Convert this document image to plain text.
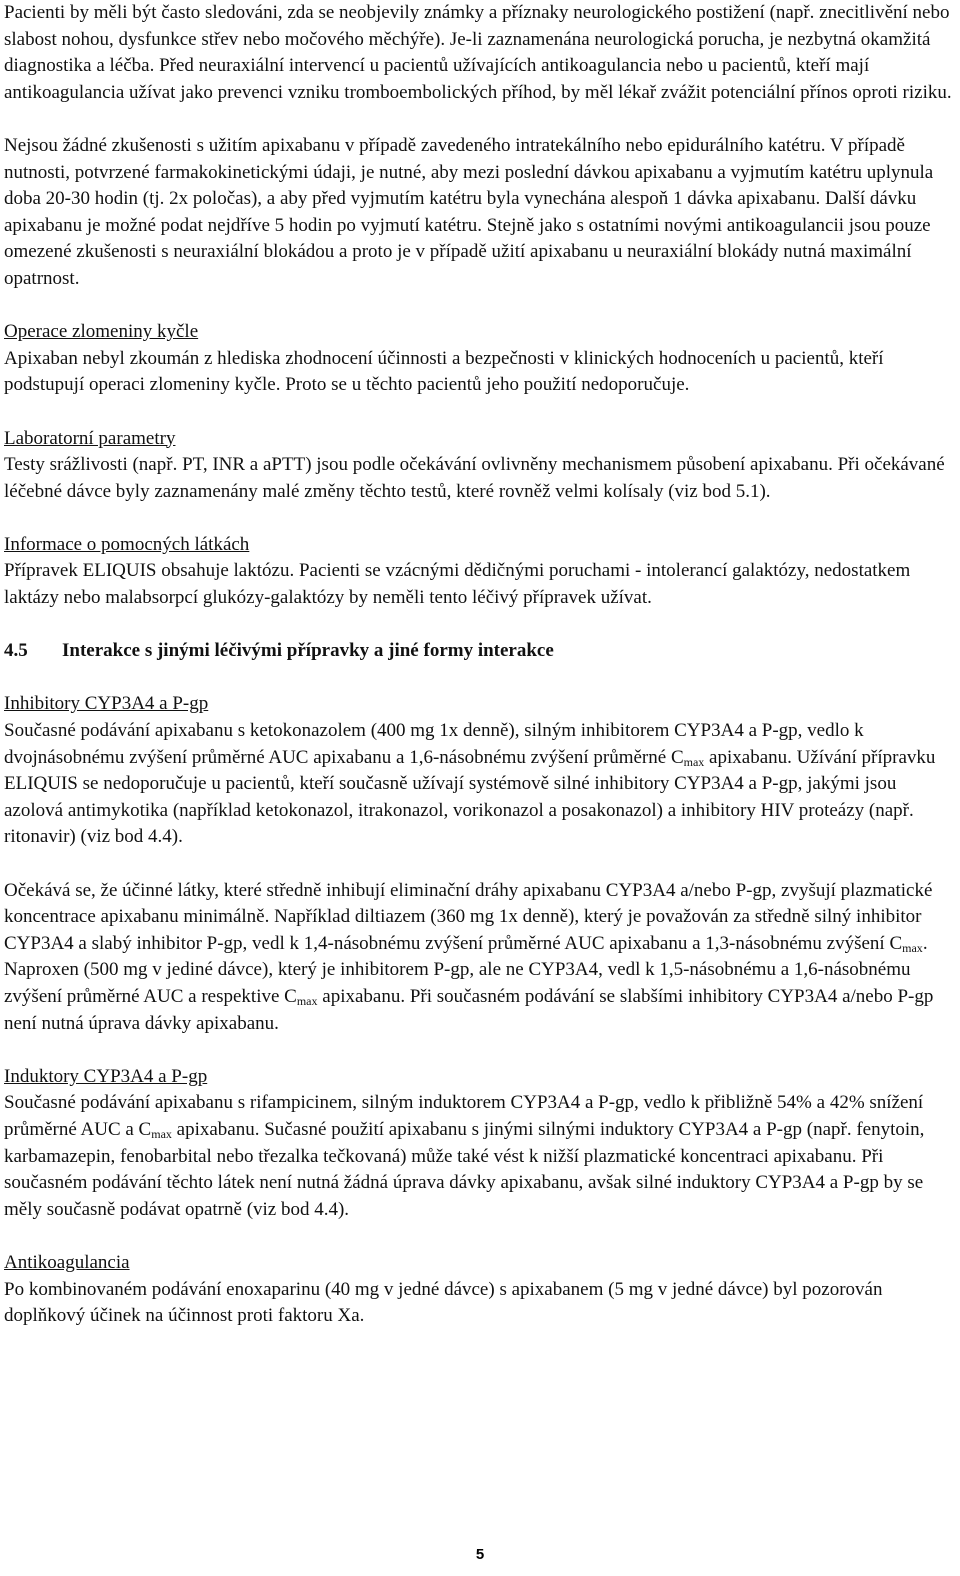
Pacienti by měli být často sledováni, zda se neobjevily známky a příznaky neurologického postižení (např. znecitlivění nebo slabost nohou, dysfunkce střev nebo močového měchýře). Je-li zaznamenána neurologická porucha, je nezbytná okamžitá diagnostika a léčba. Před neuraxiální intervencí u pacientů užívajících antikoagulancia nebo u pacientů, kteří mají antikoagulancia užívat jako prevenci vzniku tromboembolických příhod, by měl lékař zvážit potenciální přínos oproti riziku.

Nejsou žádné zkušenosti s užitím apixabanu v případě zavedeného intratekálního nebo epidurálního katétru. V případě nutnosti, potvrzené farmakokinetickými údaji, je nutné, aby mezi poslední dávkou apixabanu a vyjmutím katétru uplynula doba 20-30 hodin (tj. 2x poločas), a aby před vyjmutím katétru byla vynechána alespoň 1 dávka apixabanu. Další dávku apixabanu je možné podat nejdříve 5 hodin po vyjmutí katétru. Stejně jako s ostatními novými antikoagulancii jsou pouze omezené zkušenosti s neuraxiální blokádou a proto je v případě užití apixabanu u neuraxiální blokády nutná maximální opatrnost.

Operace zlomeniny kyčle

Apixaban nebyl zkoumán z hlediska zhodnocení účinnosti a bezpečnosti v klinických hodnoceních u pacientů, kteří podstupují operaci zlomeniny kyčle. Proto se u těchto pacientů jeho použití nedoporučuje.

Laboratorní parametry

Testy srážlivosti (např. PT, INR a aPTT) jsou podle očekávání ovlivněny mechanismem působení apixabanu. Při očekávané léčebné dávce byly zaznamenány malé změny těchto testů, které rovněž velmi kolísaly (viz bod 5.1).

Informace o pomocných látkách

Přípravek ELIQUIS obsahuje laktózu. Pacienti se vzácnými dědičnými poruchami - intolerancí galaktózy, nedostatkem laktázy nebo malabsorpcí glukózy-galaktózy by neměli tento léčivý přípravek užívat.

4.5 Interakce s jinými léčivými přípravky a jiné formy interakce

Inhibitory CYP3A4 a P-gp

Současné podávání apixabanu s ketokonazolem (400 mg 1x denně), silným inhibitorem CYP3A4 a P-gp, vedlo k dvojnásobnému zvýšení průměrné AUC apixabanu a 1,6-násobnému zvýšení průměrné $C_{max}$ apixabanu. Užívání přípravku ELIQUIS se nedoporučuje u pacientů, kteří současně užívají systémově silné inhibitory CYP3A4 a P-gp, jakými jsou azolová antimykotika (například ketokonazol, itrakonazol, vorikonazol a posakonazol) a inhibitory HIV proteázy (např. ritonavir) (viz bod 4.4).

Očekává se, že účinné látky, které středně inhibují eliminační dráhy apixabanu CYP3A4 a/nebo P-gp, zvyšují plazmatické koncentrace apixabanu minimálně. Například diltiazem (360 mg 1x denně), který je považován za středně silný inhibitor CYP3A4 a slabý inhibitor P-gp, vedl k 1,4-násobnému zvýšení průměrné AUC apixabanu a 1,3-násobnému zvýšení $C_{max}$. Naproxen (500 mg v jediné dávce), který je inhibitorem P-gp, ale ne CYP3A4, vedl k 1,5-násobnému a 1,6-násobnému zvýšení průměrné AUC a respektive $C_{max}$ apixabanu. Při současném podávání se slabšími inhibitory CYP3A4 a/nebo P-gp není nutná úprava dávky apixabanu.

Induktory CYP3A4 a P-gp

Současné podávání apixabanu s rifampicinem, silným induktorem CYP3A4 a P-gp, vedlo k přibližně 54% a 42% snížení průměrné AUC a $C_{max}$ apixabanu. Sučasné použití apixabanu s jinými silnými induktory CYP3A4 a P-gp (např. fenytoin, karbamazepin, fenobarbital nebo třezalka tečkovaná) může také vést k nižší plazmatické koncentraci apixabanu. Při současném podávání těchto látek není nutná žádná úprava dávky apixabanu, avšak silné induktory CYP3A4 a P-gp by se měly současně podávat opatrně (viz bod 4.4).

Antikoagulancia

Po kombinovaném podávání enoxaparinu (40 mg v jedné dávce) s apixabanem (5 mg v jedné dávce) byl pozorován doplňkový účinek na účinnost proti faktoru Xa.

5
